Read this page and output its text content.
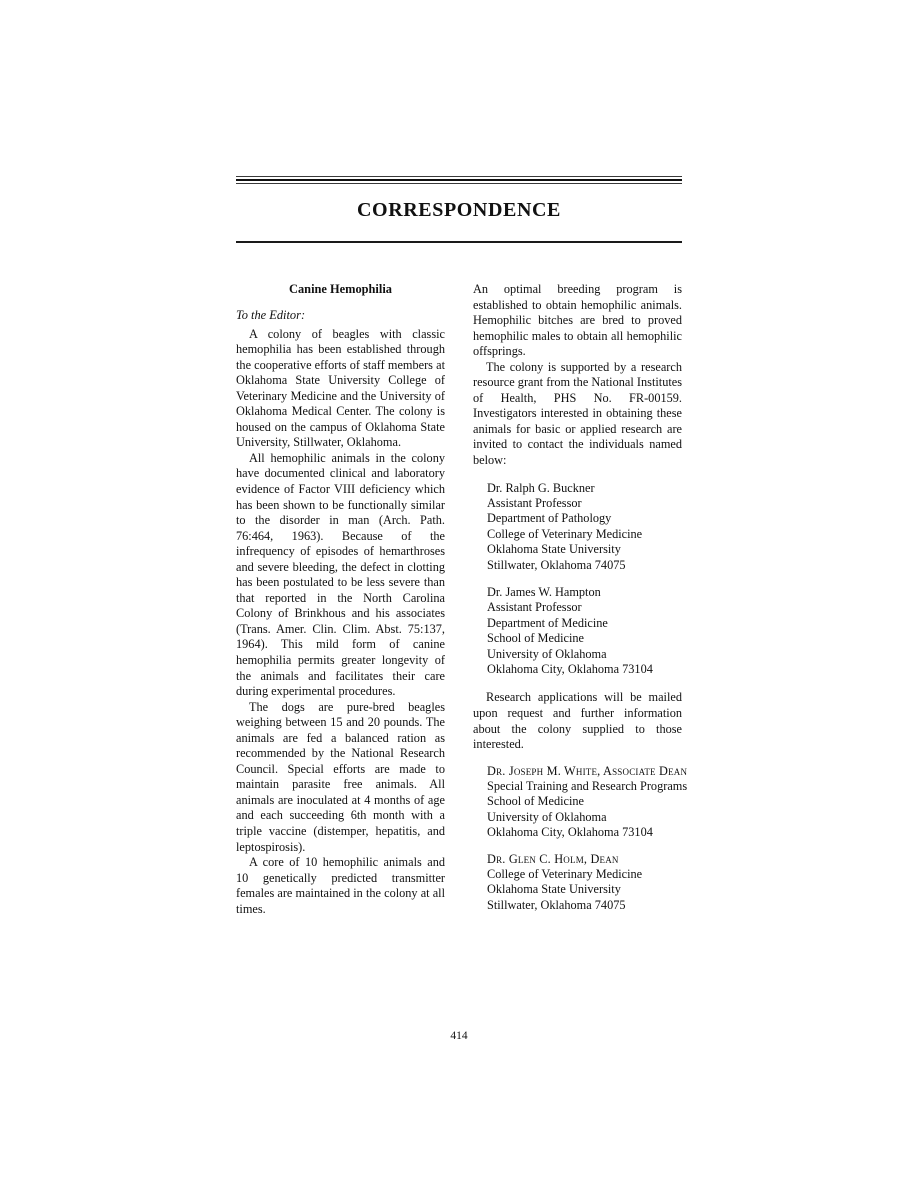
CORRESPONDENCE
Canine Hemophilia
To the Editor:

A colony of beagles with classic hemophilia has been established through the cooperative efforts of staff members at Oklahoma State University College of Veterinary Medicine and the University of Oklahoma Medical Center. The colony is housed on the campus of Oklahoma State University, Stillwater, Oklahoma.

All hemophilic animals in the colony have documented clinical and laboratory evidence of Factor VIII deficiency which has been shown to be functionally similar to the disorder in man (Arch. Path. 76:464, 1963). Because of the infrequency of episodes of hemarthroses and severe bleeding, the defect in clotting has been postulated to be less severe than that reported in the North Carolina Colony of Brinkhous and his associates (Trans. Amer. Clin. Clim. Abst. 75:137, 1964). This mild form of canine hemophilia permits greater longevity of the animals and facilitates their care during experimental procedures.

The dogs are pure-bred beagles weighing between 15 and 20 pounds. The animals are fed a balanced ration as recommended by the National Research Council. Special efforts are made to maintain parasite free animals. All animals are inoculated at 4 months of age and each succeeding 6th month with a triple vaccine (distemper, hepatitis, and leptospirosis).

A core of 10 hemophilic animals and 10 genetically predicted transmitter females are maintained in the colony at all times.

An optimal breeding program is established to obtain hemophilic animals. Hemophilic bitches are bred to proved hemophilic males to obtain all hemophilic offsprings.

The colony is supported by a research resource grant from the National Institutes of Health, PHS No. FR-00159. Investigators interested in obtaining these animals for basic or applied research are invited to contact the individuals named below:

Dr. Ralph G. Buckner
Assistant Professor
Department of Pathology
College of Veterinary Medicine
Oklahoma State University
Stillwater, Oklahoma 74075
Dr. James W. Hampton
Assistant Professor
Department of Medicine
School of Medicine
University of Oklahoma
Oklahoma City, Oklahoma 73104

Research applications will be mailed upon request and further information about the colony supplied to those interested.

Dr. Joseph M. White, Associate Dean
Special Training and Research Programs
School of Medicine
University of Oklahoma
Oklahoma City, Oklahoma 73104
Dr. Glen C. Holm, Dean
College of Veterinary Medicine
Oklahoma State University
Stillwater, Oklahoma 74075
414
